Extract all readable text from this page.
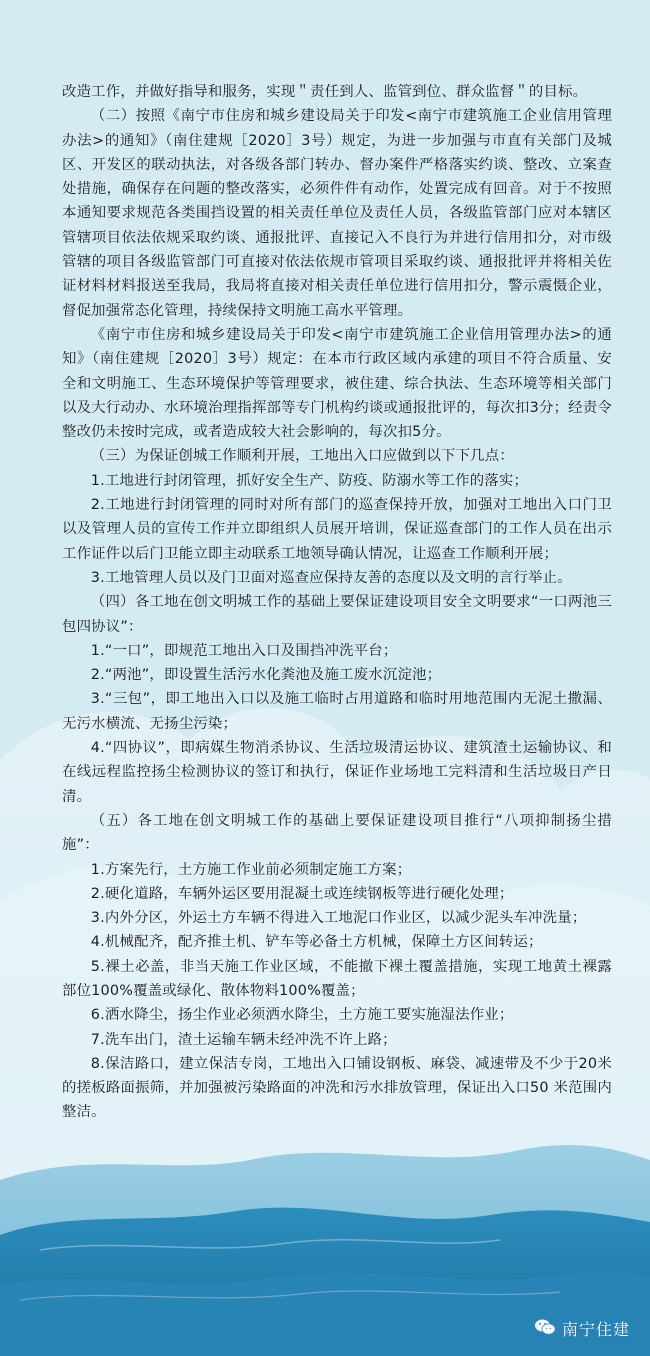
改造工作，并做好指导和服务，实现＂责任到人、监管到位、群众监督＂的目标。

（二）按照《南宁市住房和城乡建设局关于印发<南宁市建筑施工企业信用管理办法>的通知》（南住建规［2020］3号）规定，为进一步加强与市直有关部门及城区、开发区的联动执法，对各级各部门转办、督办案件严格落实约谈、整改、立案查处措施，确保存在问题的整改落实，必须件件有动作，处置完成有回音。对于不按照本通知要求规范各类围挡设置的相关责任单位及责任人员，各级监管部门应对本辖区管辖项目依法依规采取约谈、通报批评、直接记入不良行为并进行信用扣分，对市级管辖的项目各级监管部门可直接对依法依规市管项目采取约谈、通报批评并将相关佐证材料材料报送至我局，我局将直接对相关责任单位进行信用扣分，警示震慑企业，督促加强常态化管理，持续保持文明施工高水平管理。

《南宁市住房和城乡建设局关于印发<南宁市建筑施工企业信用管理办法>的通知》（南住建规［2020］3号）规定：在本市行政区域内承建的项目不符合质量、安全和文明施工、生态环境保护等管理要求，被住建、综合执法、生态环境等相关部门以及大行动办、水环境治理指挥部等专门机构约谈或通报批评的，每次扣3分；经责令整改仍未按时完成，或者造成较大社会影响的，每次扣5分。

（三）为保证创城工作顺利开展，工地出入口应做到以下下几点：

1.工地进行封闭管理，抓好安全生产、防疫、防溺水等工作的落实；

2.工地进行封闭管理的同时对所有部门的巡查保持开放，加强对工地出入口门卫以及管理人员的宣传工作并立即组织人员展开培训，保证巡查部门的工作人员在出示工作证件以后门卫能立即主动联系工地领导确认情况，让巡查工作顺利开展；

3.工地管理人员以及门卫面对巡查应保持友善的态度以及文明的言行举止。

（四）各工地在创文明城工作的基础上要保证建设项目安全文明要求“一口两池三包四协议”：

1.“一口”，即规范工地出入口及围挡冲洗平台；

2.“两池”，即设置生活污水化粪池及施工废水沉淀池；

3.“三包”，即工地出入口以及施工临时占用道路和临时用地范围内无泥土撒漏、无污水横流、无扬尘污染；

4.“四协议”，即病媒生物消杀协议、生活垃圾清运协议、建筑渣土运输协议、和在线远程监控扬尘检测协议的签订和执行，保证作业场地工完料清和生活垃圾日产日清。

（五）各工地在创文明城工作的基础上要保证建设项目推行“八项抑制扬尘措施”：

1.方案先行，土方施工作业前必须制定施工方案；

2.硬化道路，车辆外运区要用混凝土或连续钢板等进行硬化处理；

3.内外分区，外运土方车辆不得进入工地泥口作业区，以减少泥头车冲洗量；

4.机械配齐，配齐推土机、铲车等必备土方机械，保障土方区间转运；

5.裸土必盖，非当天施工作业区域，不能撤下裸土覆盖措施，实现工地黄土裸露部位100%覆盖或绿化、散体物料100%覆盖；

6.洒水降尘，扬尘作业必须洒水降尘，土方施工要实施湿法作业；

7.洗车出门，渣土运输车辆未经冲洗不许上路；

8.保洁路口，建立保洁专岗，工地出入口铺设钢板、麻袋、减速带及不少于20米的搓板路面振筛，并加强被污染路面的冲洗和污水排放管理，保证出入口50 米范围内整洁。

南宁住建
